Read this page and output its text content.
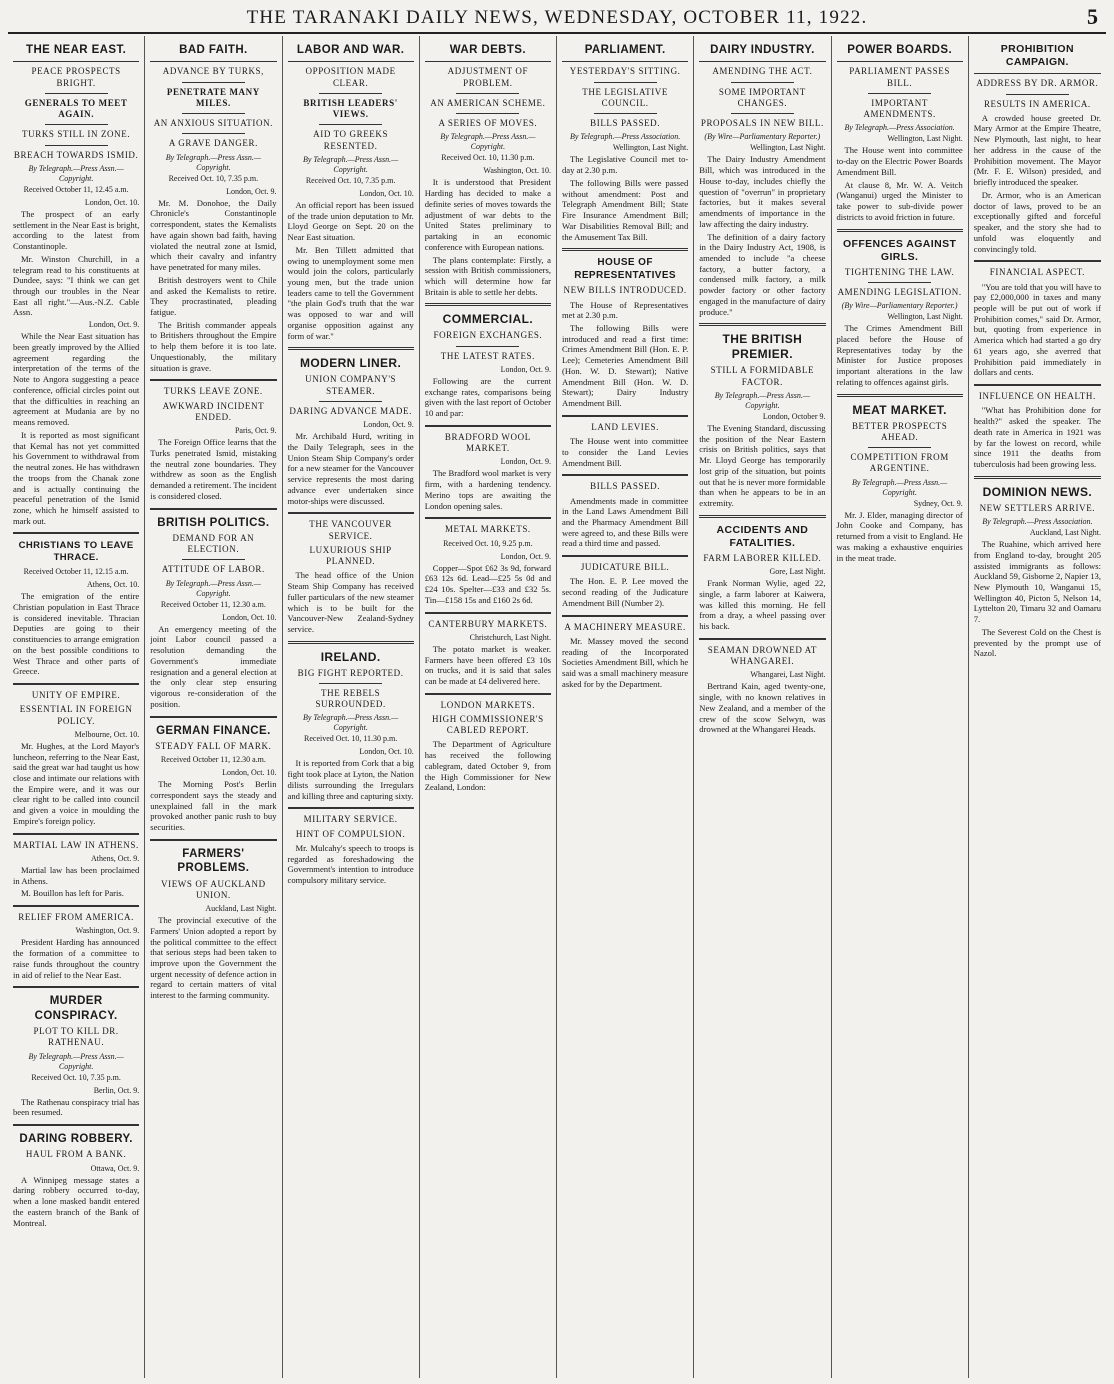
THE TARANAKI DAILY NEWS, WEDNESDAY, OCTOBER 11, 1922.	5
THE NEAR EAST.
PEACE PROSPECTS BRIGHT.
GENERALS TO MEET AGAIN.
TURKS STILL IN ZONE.
BREACH TOWARDS ISMID.
By Telegraph.—Press Assn.—Copyright.
Received October 11, 12.45 a.m.
London, Oct. 10.

The prospect of an early settlement in the Near East is bright, according to the latest from Constantinople.

Mr. Winston Churchill, in a telegram read to his constituents at Dundee, says: "I think we can get through our troubles in the Near East all right."—Aus.-N.Z. Cable Assn.

London, Oct. 9.

While the Near East situation has been greatly improved by the Allied agreement regarding the interpretation of the terms of the Note to Angora suggesting a peace conference, official circles point out that the difficulties in reaching an agreement at Mudania are by no means removed.

It is reported as most significant that Kemal has not yet committed his Government to withdrawal from the neutral zones. He has withdrawn the troops from the Chanak zone and is actually continuing the peaceful penetration of the Ismid zone, which he himself assisted to mark out.

CHRISTIANS TO LEAVE THRACE.
Received October 11, 12.15 a.m.
Athens, Oct. 10.

The emigration of the entire Christian population in East Thrace is considered inevitable. Thracian Deputies are going to their constituencies to arrange emigration on the best possible conditions to West Thrace and other parts of Greece.

UNITY OF EMPIRE.
ESSENTIAL IN FOREIGN POLICY.
Melbourne, Oct. 10.

Mr. Hughes, at the Lord Mayor's luncheon, referring to the Near East, said the great war had taught us how close and intimate our relations with the Empire were, and it was our clear right to be called into council and given a voice in moulding the Empire's foreign policy.

MARTIAL LAW IN ATHENS.
Athens, Oct. 9.

Martial law has been proclaimed in Athens.

M. Bouillon has left for Paris.

RELIEF FROM AMERICA.
Washington, Oct. 9.

President Harding has announced the formation of a committee to raise funds throughout the country in aid of relief to the Near East.

MURDER CONSPIRACY.
PLOT TO KILL DR. RATHENAU.
By Telegraph.—Press Assn.—Copyright.
Received Oct. 10, 7.35 p.m.
Berlin, Oct. 9.

The Rathenau conspiracy trial has been resumed.

DARING ROBBERY.
HAUL FROM A BANK.
Ottawa, Oct. 9.

A Winnipeg message states a daring robbery occurred to-day, when a lone masked bandit entered the eastern branch of the Bank of Montreal.

BAD FAITH.
ADVANCE BY TURKS,
PENETRATE MANY MILES.
AN ANXIOUS SITUATION.
A GRAVE DANGER.
By Telegraph.—Press Assn.—Copyright.
Received Oct. 10, 7.35 p.m.
London, Oct. 9.

Mr. M. Donohoe, the Daily Chronicle's Constantinople correspondent, states the Kemalists have again shown bad faith, having violated the neutral zone at Ismid, which their cavalry and infantry have penetrated for many miles.

British destroyers went to Chile and asked the Kemalists to retire. They procrastinated, pleading fatigue.

The British commander appeals to Britishers throughout the Empire to help them before it is too late. Unquestionably, the military situation is grave.

TURKS LEAVE ZONE.
AWKWARD INCIDENT ENDED.
Paris, Oct. 9.

The Foreign Office learns that the Turks penetrated Ismid, mistaking the neutral zone boundaries. They withdrew as soon as the English demanded a retirement. The incident is considered closed.

BRITISH POLITICS.
DEMAND FOR AN ELECTION.
ATTITUDE OF LABOR.
By Telegraph.—Press Assn.—Copyright.
Received October 11, 12.30 a.m.
London, Oct. 10.

An emergency meeting of the joint Labor council passed a resolution demanding the Government's immediate resignation and a general election at the only clear step ensuring vigorous re-consideration of the position.

GERMAN FINANCE.
STEADY FALL OF MARK.
Received October 11, 12.30 a.m.
London, Oct. 10.

The Morning Post's Berlin correspondent says the steady and unexplained fall in the mark provoked another panic rush to buy securities.

FARMERS' PROBLEMS.
VIEWS OF AUCKLAND UNION.
Auckland, Last Night.

The provincial executive of the Farmers' Union adopted a report by the political committee to the effect that serious steps had been taken to improve upon the Government the urgent necessity of defence action in regard to certain matters of vital interest to the farming community.

LABOR AND WAR.
OPPOSITION MADE CLEAR.
BRITISH LEADERS' VIEWS.
AID TO GREEKS RESENTED.
By Telegraph.—Press Assn.—Copyright.
Received Oct. 10, 7.35 p.m.
London, Oct. 10.

An official report has been issued of the trade union deputation to Mr. Lloyd George on Sept. 20 on the Near East situation.

Mr. Ben Tillett admitted that owing to unemployment some men would join the colors, particularly young men, but the trade union leaders came to tell the Government "the plain God's truth that the war was opposed to war and will organise opposition against any form of war."

MODERN LINER.
UNION COMPANY'S STEAMER.
DARING ADVANCE MADE.
London, Oct. 9.

Mr. Archibald Hurd, writing in the Daily Telegraph, sees in the Union Steam Ship Company's order for a new steamer for the Vancouver service represents the most daring advance ever undertaken since motor-ships were discussed.

THE VANCOUVER SERVICE.
LUXURIOUS SHIP PLANNED.

The head office of the Union Steam Ship Company has received fuller particulars of the new steamer which is to be built for the Vancouver-New Zealand-Sydney service.

IRELAND.
BIG FIGHT REPORTED.
THE REBELS SURROUNDED.
By Telegraph.—Press Assn.—Copyright.
Received Oct. 10, 11.30 p.m.
London, Oct. 10.

It is reported from Cork that a big fight took place at Lyton, the Nation dilists surrounding the Irregulars and killing three and capturing sixty.

MILITARY SERVICE.
HINT OF COMPULSION.

Mr. Mulcahy's speech to troops is regarded as foreshadowing the Government's intention to introduce compulsory military service.

WAR DEBTS.
ADJUSTMENT OF PROBLEM.
AN AMERICAN SCHEME.
A SERIES OF MOVES.
By Telegraph.—Press Assn.—Copyright.
Received Oct. 10, 11.30 p.m.
Washington, Oct. 10.

It is understood that President Harding has decided to make a definite series of moves towards the adjustment of war debts to the United States preliminary to partaking in an economic conference with European nations.

The plans contemplate: Firstly, a session with British commissioners, which will determine how far Britain is able to settle her debts.

COMMERCIAL.
FOREIGN EXCHANGES.
THE LATEST RATES.
London, Oct. 9.

Following are the current exchange rates, comparisons being given with the last report of October 10 and par:

BRADFORD WOOL MARKET.
London, Oct. 9.

The Bradford wool market is very firm, with a hardening tendency. Merino tops are awaiting the London opening sales.

METAL MARKETS.
Received Oct. 10, 9.25 p.m.
London, Oct. 9.

Copper—Spot £62 3s 9d, forward £63 12s 6d. Lead—£25 5s 0d and £24 10s. Spelter—£33 and £32 5s. Tin—£158 15s and £160 2s 6d.

CANTERBURY MARKETS.
Christchurch, Last Night.

The potato market is weaker. Farmers have been offered £3 10s on trucks, and it is said that sales can be made at £4 delivered here.

LONDON MARKETS.
HIGH COMMISSIONER'S CABLED REPORT.

The Department of Agriculture has received the following cablegram, dated October 9, from the High Commissioner for New Zealand, London:

PARLIAMENT.
YESTERDAY'S SITTING.
THE LEGISLATIVE COUNCIL.
BILLS PASSED.
By Telegraph.—Press Association.
Wellington, Last Night.

The Legislative Council met to-day at 2.30 p.m.

The following Bills were passed without amendment: Post and Telegraph Amendment Bill; State Fire Insurance Amendment Bill; War Disabilities Removal Bill; and the Amusement Tax Bill.

HOUSE OF REPRESENTATIVES
NEW BILLS INTRODUCED.

The House of Representatives met at 2.30 p.m.

The following Bills were introduced and read a first time: Crimes Amendment Bill (Hon. E. P. Lee); Cemeteries Amendment Bill (Hon. W. D. Stewart); Native Amendment Bill (Hon. W. D. Stewart); Dairy Industry Amendment Bill.

LAND LEVIES.

The House went into committee to consider the Land Levies Amendment Bill.

BILLS PASSED.

Amendments made in committee in the Land Laws Amendment Bill and the Pharmacy Amendment Bill were agreed to, and these Bills were read a third time and passed.

JUDICATURE BILL.

The Hon. E. P. Lee moved the second reading of the Judicature Amendment Bill (Number 2).

A MACHINERY MEASURE.

Mr. Massey moved the second reading of the Incorporated Societies Amendment Bill, which he said was a small machinery measure asked for by the Department.

DAIRY INDUSTRY.
AMENDING THE ACT.
SOME IMPORTANT CHANGES.
PROPOSALS IN NEW BILL.
(By Wire—Parliamentary Reporter.)
Wellington, Last Night.

The Dairy Industry Amendment Bill, which was introduced in the House to-day, includes chiefly the question of "overrun" in proprietary factories, but it makes several amendments of importance in the law affecting the dairy industry.

The definition of a dairy factory in the Dairy Industry Act, 1908, is amended to include "a cheese factory, a butter factory, a condensed milk factory, a milk powder factory or other factory engaged in the manufacture of dairy produce."

THE BRITISH PREMIER.
STILL A FORMIDABLE FACTOR.
By Telegraph.—Press Assn.—Copyright.
London, October 9.

The Evening Standard, discussing the position of the Near Eastern crisis on British politics, says that Mr. Lloyd George has temporarily lost grip of the situation, but points out that he is never more formidable than when he appears to be in an extremity.

ACCIDENTS AND FATALITIES.
FARM LABORER KILLED.
Gore, Last Night.

Frank Norman Wylie, aged 22, single, a farm laborer at Kaiwera, was killed this morning. He fell from a dray, a wheel passing over his back.

SEAMAN DROWNED AT WHANGAREI.
Whangarei, Last Night.

Bertrand Kain, aged twenty-one, single, with no known relatives in New Zealand, and a member of the crew of the scow Selwyn, was drowned at the Whangarei Heads.

POWER BOARDS.
PARLIAMENT PASSES BILL.
IMPORTANT AMENDMENTS.
By Telegraph.—Press Association.
Wellington, Last Night.

The House went into committee to-day on the Electric Power Boards Amendment Bill.

At clause 8, Mr. W. A. Veitch (Wanganui) urged the Minister to take power to sub-divide power districts to avoid friction in future.

OFFENCES AGAINST GIRLS.
TIGHTENING THE LAW.
AMENDING LEGISLATION.
(By Wire—Parliamentary Reporter.)
Wellington, Last Night.

The Crimes Amendment Bill placed before the House of Representatives today by the Minister for Justice proposes important alterations in the law relating to offences against girls.

MEAT MARKET.
BETTER PROSPECTS AHEAD.
COMPETITION FROM ARGENTINE.
By Telegraph.—Press Assn.—Copyright.
Sydney, Oct. 9.

Mr. J. Elder, managing director of John Cooke and Company, has returned from a visit to England. He was making a exhaustive enquiries in the meat trade.

PROHIBITION CAMPAIGN.
ADDRESS BY DR. ARMOR.
RESULTS IN AMERICA.

A crowded house greeted Dr. Mary Armor at the Empire Theatre, New Plymouth, last night, to hear her address in the cause of the Prohibition movement. The Mayor (Mr. F. E. Wilson) presided, and briefly introduced the speaker.

Dr. Armor, who is an American doctor of laws, proved to be an exceptionally gifted and forceful speaker, and the story she had to unfold was eloquently and convincingly told.

FINANCIAL ASPECT.

"You are told that you will have to pay £2,000,000 in taxes and many people will be put out of work if Prohibition comes," said Dr. Armor, but, quoting from experience in America which had started a go dry 61 years ago, she averred that Prohibition paid immediately in dollars and cents.

INFLUENCE ON HEALTH.

"What has Prohibition done for health?" asked the speaker. The death rate in America in 1921 was by far the lowest on record, while since 1911 the deaths from tuberculosis had been growing less.

DOMINION NEWS.
NEW SETTLERS ARRIVE.
By Telegraph.—Press Association.
Auckland, Last Night.

The Ruahine, which arrived here from England to-day, brought 205 assisted immigrants as follows: Auckland 59, Gisborne 2, Napier 13, New Plymouth 10, Wanganui 15, Wellington 40, Picton 5, Nelson 14, Lyttelton 20, Timaru 32 and Oamaru 7.

The Severest Cold on the Chest is prevented by the prompt use of Nazol.
